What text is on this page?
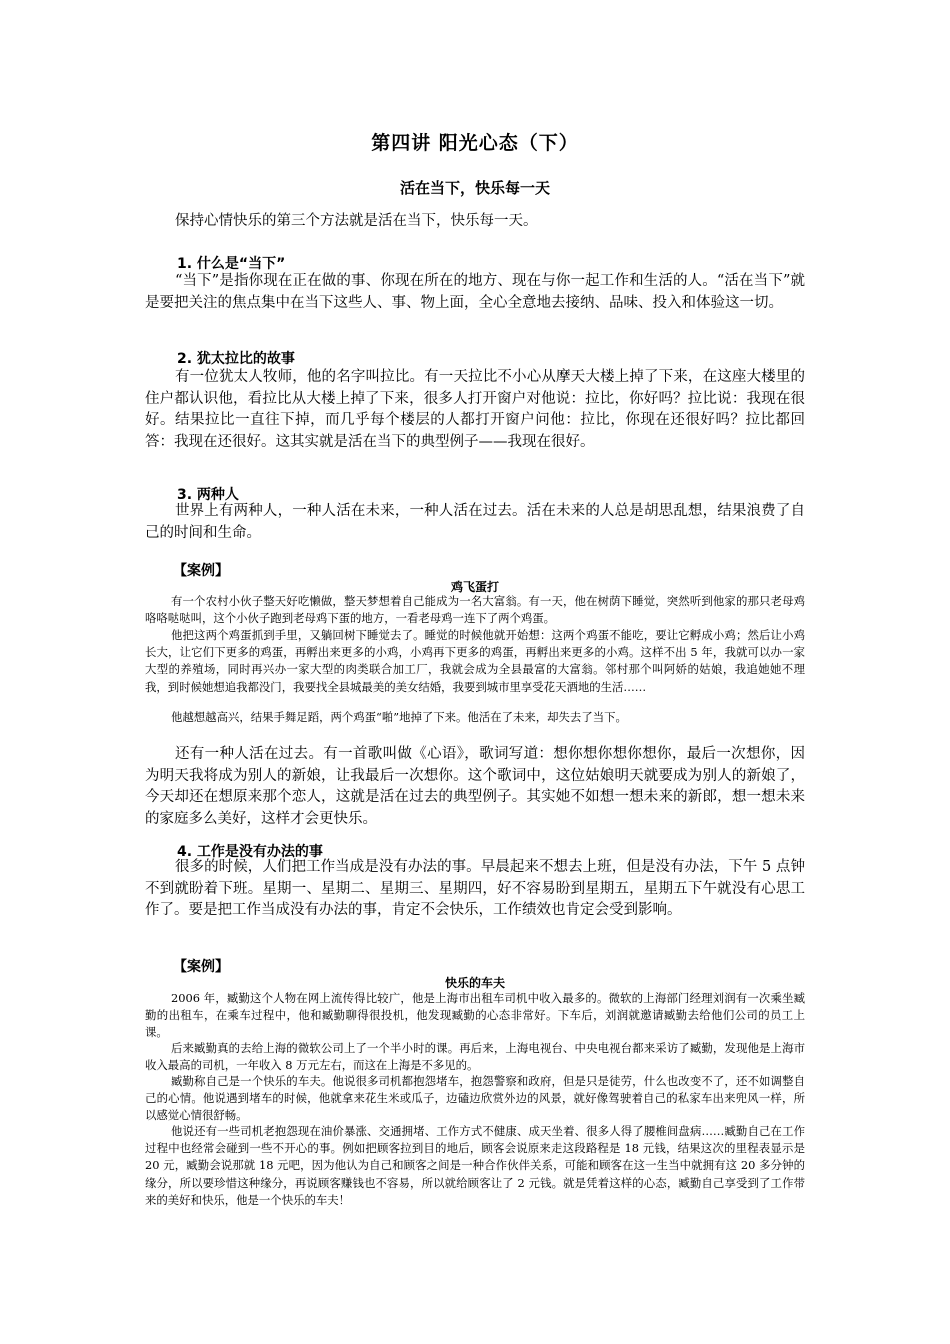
第四讲 阳光心态（下）
活在当下，快乐每一天

保持心情快乐的第三个方法就是活在当下，快乐每一天。

1. 什么是“当下”

“当下”是指你现在正在做的事、你现在所在的地方、现在与你一起工作和生活的人。“活在当下”就是要把关注的焦点集中在当下这些人、事、物上面，全心全意地去接纳、品味、投入和体验这一切。

2. 犹太拉比的故事

有一位犹太人牧师，他的名字叫拉比。有一天拉比不小心从摩天大楼上掉了下来，在这座大楼里的住户都认识他，看拉比从大楼上掉了下来，很多人打开窗户对他说：拉比，你好吗？拉比说：我现在很好。结果拉比一直往下掉，而几乎每个楼层的人都打开窗户问他：拉比，你现在还很好吗？拉比都回答：我现在还很好。这其实就是活在当下的典型例子——我现在很好。

3. 两种人

世界上有两种人，一种人活在未来，一种人活在过去。活在未来的人总是胡思乱想，结果浪费了自己的时间和生命。

【案例】
鸡飞蛋打

有一个农村小伙子整天好吃懒做，整天梦想着自己能成为一名大富翁。有一天，他在树荫下睡觉，突然听到他家的那只老母鸡咯咯哒哒叫，这个小伙子跑到老母鸡下蛋的地方，一看老母鸡一连下了两个鸡蛋。

他把这两个鸡蛋抓到手里，又躺回树下睡觉去了。睡觉的时候他就开始想：这两个鸡蛋不能吃，要让它孵成小鸡；然后让小鸡长大，让它们下更多的鸡蛋，再孵出来更多的小鸡，小鸡再下更多的鸡蛋，再孵出来更多的小鸡。这样不出 5 年，我就可以办一家大型的养殖场，同时再兴办一家大型的肉类联合加工厂，我就会成为全县最富的大富翁。邻村那个叫阿娇的姑娘，我追她她不理我，到时候她想追我都没门，我要找全县城最美的美女结婚，我要到城市里享受花天酒地的生活……

他越想越高兴，结果手舞足蹈，两个鸡蛋“啪”地掉了下来。他活在了未来，却失去了当下。

还有一种人活在过去。有一首歌叫做《心语》，歌词写道：想你想你想你想你，最后一次想你，因为明天我将成为别人的新娘，让我最后一次想你。这个歌词中，这位姑娘明天就要成为别人的新娘了，今天却还在想原来那个恋人，这就是活在过去的典型例子。其实她不如想一想未来的新郎，想一想未来的家庭多么美好，这样才会更快乐。

4. 工作是没有办法的事

很多的时候，人们把工作当成是没有办法的事。早晨起来不想去上班，但是没有办法，下午 5 点钟不到就盼着下班。星期一、星期二、星期三、星期四，好不容易盼到星期五，星期五下午就没有心思工作了。要是把工作当成没有办法的事，肯定不会快乐，工作绩效也肯定会受到影响。

【案例】
快乐的车夫

2006 年，臧勤这个人物在网上流传得比较广，他是上海市出租车司机中收入最多的。微软的上海部门经理刘润有一次乘坐臧勤的出租车，在乘车过程中，他和臧勤聊得很投机，他发现臧勤的心态非常好。下车后，刘润就邀请臧勤去给他们公司的员工上课。

后来臧勤真的去给上海的微软公司上了一个半小时的课。再后来，上海电视台、中央电视台都来采访了臧勤，发现他是上海市收入最高的司机，一年收入 8 万元左右，而这在上海是不多见的。

臧勤称自己是一个快乐的车夫。他说很多司机都抱怨堵车，抱怨警察和政府，但是只是徒劳，什么也改变不了，还不如调整自己的心情。他说遇到堵车的时候，他就拿来花生米或瓜子，边磕边欣赏外边的风景，就好像驾驶着自己的私家车出来兜风一样，所以感觉心情很舒畅。

他说还有一些司机老抱怨现在油价暴涨、交通拥堵、工作方式不健康、成天坐着、很多人得了腰椎间盘病……臧勤自己在工作过程中也经常会碰到一些不开心的事。例如把顾客拉到目的地后，顾客会说原来走这段路程是 18 元钱，结果这次的里程表显示是 20 元，臧勤会说那就 18 元吧，因为他认为自己和顾客之间是一种合作伙伴关系，可能和顾客在这一生当中就拥有这 20 多分钟的缘分，所以要珍惜这种缘分，再说顾客赚钱也不容易，所以就给顾客让了 2 元钱。就是凭着这样的心态，臧勤自己享受到了工作带来的美好和快乐，他是一个快乐的车夫！
